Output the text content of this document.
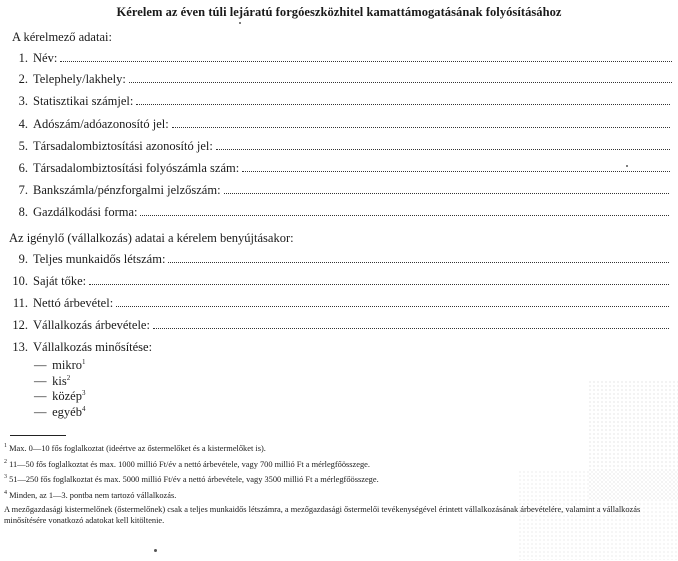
Kérelem az éven túli lejáratú forgóeszközhitel kamattámogatásának folyósításához
A kérelmező adatai:
1. Név:
2. Telephely/lakhely:
3. Statisztikai számjel:
4. Adószám/adóazonosító jel:
5. Társadalombiztosítási azonosító jel:
6. Társadalombiztosítási folyószámla szám:
7. Bankszámla/pénzforgalmi jelzőszám:
8. Gazdálkodási forma:
Az igénylő (vállalkozás) adatai a kérelem benyújtásakor:
9. Teljes munkaidős létszám:
10. Saját tőke:
11. Nettó árbevétel:
12. Vállalkozás árbevétele:
13. Vállalkozás minősítése:
— mikro$^1$
— kis$^2$
— közép$^3$
— egyéb$^4$
$^1$ Max. 0—10 fős foglalkoztat (ideértve az őstermelőket és a kistermelőket is).
$^2$ 11—50 fős foglalkoztat és max. 1000 millió Ft/év a nettó árbevétele, vagy 700 millió Ft a mérlegfőösszege.
$^3$ 51—250 fős foglalkoztat és max. 5000 millió Ft/év a nettó árbevétele, vagy 3500 millió Ft a mérlegfőösszege.
$^4$ Minden, az 1—3. pontba nem tartozó vállalkozás.
A mezőgazdasági kistermelőnek (őstermelőnek) csak a teljes munkaidős létszámra, a mezőgazdasági őstermelői tevékenységével érintett vállalkozásának árbevételére, valamint a vállalkozás minősítésére vonatkozó adatokat kell kitöltenie.
